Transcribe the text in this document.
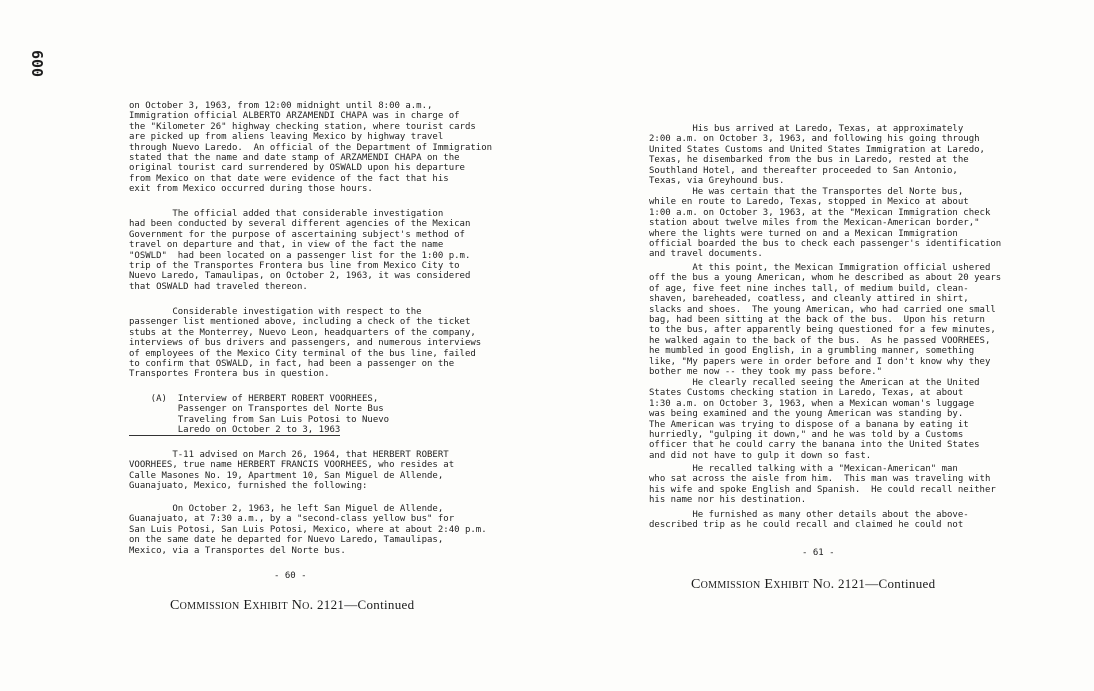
600
on October 3, 1963, from 12:00 midnight until 8:00 a.m.,
Immigration official ALBERTO ARZAMENDI CHAPA was in charge of
the "Kilometer 26" highway checking station, where tourist cards
are picked up from aliens leaving Mexico by highway travel
through Nuevo Laredo.  An official of the Department of Immigration
stated that the name and date stamp of ARZAMENDI CHAPA on the
original tourist card surrendered by OSWALD upon his departure
from Mexico on that date were evidence of the fact that his
exit from Mexico occurred during those hours.
The official added that considerable investigation
had been conducted by several different agencies of the Mexican
Government for the purpose of ascertaining subject's method of
travel on departure and that, in view of the fact the name
"OSWLD"  had been located on a passenger list for the 1:00 p.m.
trip of the Transportes Frontera bus line from Mexico City to
Nuevo Laredo, Tamaulipas, on October 2, 1963, it was considered
that OSWALD had traveled thereon.
Considerable investigation with respect to the
passenger list mentioned above, including a check of the ticket
stubs at the Monterrey, Nuevo Leon, headquarters of the company,
interviews of bus drivers and passengers, and numerous interviews
of employees of the Mexico City terminal of the bus line, failed
to confirm that OSWALD, in fact, had been a passenger on the
Transportes Frontera bus in question.
(A)  Interview of HERBERT ROBERT VOORHEES,
Passenger on Transportes del Norte Bus
Traveling from San Luis Potosi to Nuevo
Laredo on October 2 to 3, 1963
T-11 advised on March 26, 1964, that HERBERT ROBERT
VOORHEES, true name HERBERT FRANCIS VOORHEES, who resides at
Calle Masones No. 19, Apartment 10, San Miguel de Allende,
Guanajuato, Mexico, furnished the following:
On October 2, 1963, he left San Miguel de Allende,
Guanajuato, at 7:30 a.m., by a "second-class yellow bus" for
San Luis Potosi, San Luis Potosi, Mexico, where at about 2:40 p.m.
on the same date he departed for Nuevo Laredo, Tamaulipas,
Mexico, via a Transportes del Norte bus.
- 60 -
Commission Exhibit No. 2121—Continued
His bus arrived at Laredo, Texas, at approximately
2:00 a.m. on October 3, 1963, and following his going through
United States Customs and United States Immigration at Laredo,
Texas, he disembarked from the bus in Laredo, rested at the
Southland Hotel, and thereafter proceeded to San Antonio,
Texas, via Greyhound bus.
He was certain that the Transportes del Norte bus,
while en route to Laredo, Texas, stopped in Mexico at about
1:00 a.m. on October 3, 1963, at the "Mexican Immigration check
station about twelve miles from the Mexican-American border,"
where the lights were turned on and a Mexican Immigration
official boarded the bus to check each passenger's identification
and travel documents.
At this point, the Mexican Immigration official ushered
off the bus a young American, whom he described as about 20 years
of age, five feet nine inches tall, of medium build, clean-
shaven, bareheaded, coatless, and cleanly attired in shirt,
slacks and shoes.  The young American, who had carried one small
bag, had been sitting at the back of the bus.  Upon his return
to the bus, after apparently being questioned for a few minutes,
he walked again to the back of the bus.  As he passed VOORHEES,
he mumbled in good English, in a grumbling manner, something
like, "My papers were in order before and I don't know why they
bother me now -- they took my pass before."
He clearly recalled seeing the American at the United
States Customs checking station in Laredo, Texas, at about
1:30 a.m. on October 3, 1963, when a Mexican woman's luggage
was being examined and the young American was standing by.
The American was trying to dispose of a banana by eating it
hurriedly, "gulping it down," and he was told by a Customs
officer that he could carry the banana into the United States
and did not have to gulp it down so fast.
He recalled talking with a "Mexican-American" man
who sat across the aisle from him.  This man was traveling with
his wife and spoke English and Spanish.  He could recall neither
his name nor his destination.
He furnished as many other details about the above-
described trip as he could recall and claimed he could not
- 61 -
Commission Exhibit No. 2121—Continued
